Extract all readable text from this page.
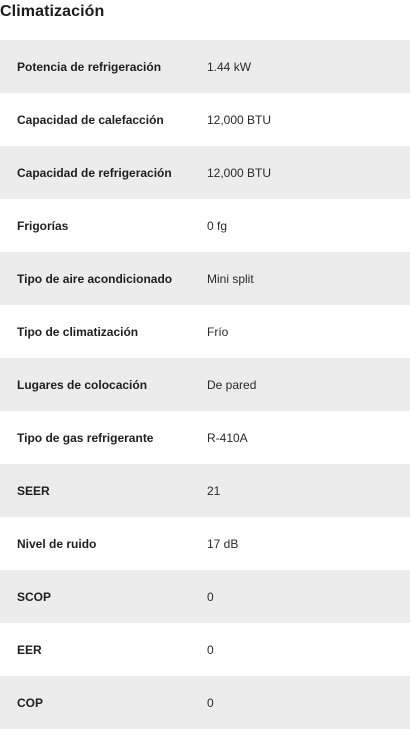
Climatización
Potencia de refrigeración	1.44 kW
Capacidad de calefacción	12,000 BTU
Capacidad de refrigeración	12,000 BTU
Frigorías	0 fg
Tipo de aire acondicionado	Mini split
Tipo de climatización	Frío
Lugares de colocación	De pared
Tipo de gas refrigerante	R-410A
SEER	21
Nivel de ruido	17 dB
SCOP	0
EER	0
COP	0
